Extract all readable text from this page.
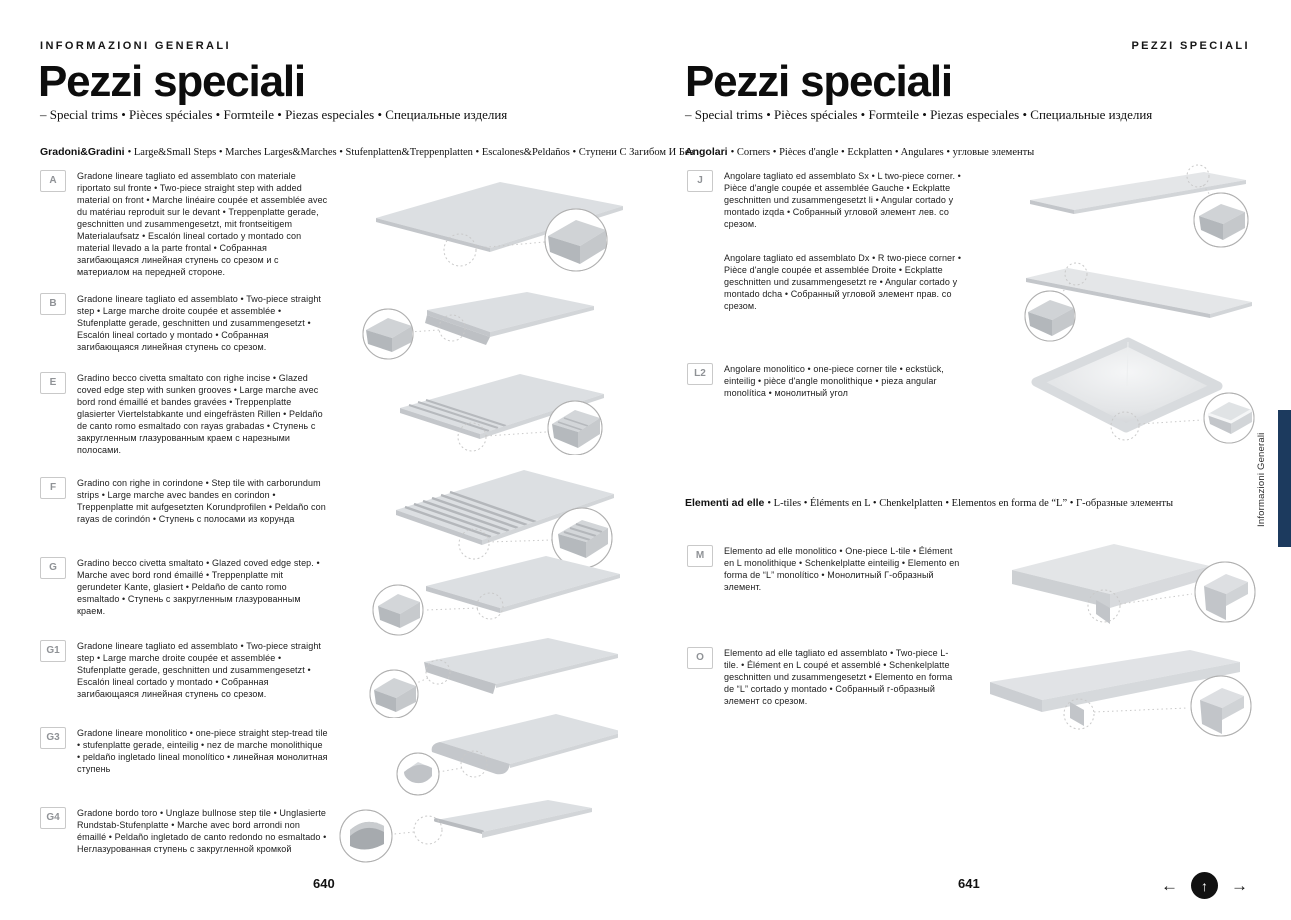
INFORMAZIONI GENERALI
Pezzi speciali
– Special trims • Pièces spéciales • Formteile • Piezas especiales • Специальные изделия
Gradoni&Gradini • Large&Small Steps • Marches Larges&Marches • Stufenplatten&Treppenplatten • Escalones&Peldaños • Ступени С Загибом И Без
A	Gradone lineare tagliato ed assemblato con materiale riportato sul fronte • Two-piece straight step with added material on front • Marche linéaire coupée et assemblée avec du matériau reproduit sur le devant • Treppenplatte gerade, geschnitten und zusammengesetzt, mit frontseitigem Materialaufsatz • Escalón lineal cortado y montado con material llevado a la parte frontal • Собранная загибающаяся линейная ступень со срезом и с материалом на передней стороне.

B	Gradone lineare tagliato ed assemblato • Two-piece straight step • Large marche droite coupée et assemblée • Stufenplatte gerade, geschnitten und zusammengesetzt • Escalón lineal cortado y montado • Собранная загибающаяся линейная ступень со срезом.

E	Gradino becco civetta smaltato con righe incise • Glazed coved edge step with sunken grooves • Large marche avec bord rond émaillé et bandes gravées • Treppenplatte glasierter Viertelstabkante und eingefrästen Rillen • Peldaño de canto romo esmaltado con rayas grabadas • Ступень с закругленным глазурованным краем с нарезными полосами.

F	Gradino con righe in corindone • Step tile with carborundum strips • Large marche avec bandes en corindon • Treppenplatte mit aufgesetzten Korundprofilen • Peldaño con rayas de corindón • Ступень с полосами из корунда

G	Gradino becco civetta smaltato • Glazed coved edge step. • Marche avec bord rond émaillé • Treppenplatte mit gerundeter Kante, glasiert • Peldaño de canto romo esmaltado • Ступень с закругленным глазурованным краем.

G1	Gradone lineare tagliato ed assemblato • Two-piece straight step • Large marche droite coupée et assemblée • Stufenplatte gerade, geschnitten und zusammengesetzt • Escalón lineal cortado y montado • Собранная загибающаяся линейная ступень со срезом.

G3	Gradone lineare monolitico • one-piece straight step-tread tile • stufenplatte gerade, einteilig • nez de marche monolithique • peldaño ingletado lineal monolítico • линейная монолитная ступень

G4	Gradone bordo toro • Unglaze bullnose step tile • Unglasierte Rundstab-Stufenplatte • Marche avec bord arrondi non émaillé • Peldaño ingletado de canto redondo no esmaltado • Неглазурованная ступень с закругленной кромкой

PEZZI SPECIALI
Pezzi speciali
– Special trims • Pièces spéciales • Formteile • Piezas especiales • Специальные изделия
Angolari • Corners • Pièces d'angle • Eckplatten • Angulares • угловые элементы
J	Angolare tagliato ed assemblato Sx • L two-piece corner. • Pièce d'angle coupée et assemblée Gauche • Eckplatte geschnitten und zusammengesetzt li • Angular cortado y montado izqda • Собранный угловой элемент лев. со срезом.

Angolare tagliato ed assemblato Dx • R two-piece corner • Pièce d'angle coupée et assemblée Droite • Eckplatte geschnitten und zusammengesetzt re • Angular cortado y montado dcha • Собранный угловой элемент прав. со срезом.

L2	Angolare monolitico • one-piece corner tile • eckstück, einteilig • pièce d'angle monolithique • pieza angular monolítica • монолитный угол

Elementi ad elle • L-tiles • Éléments en L • Chenkelplatten • Elementos en forma de “L” • Г-образные элементы
M	Elemento ad elle monolitico • One-piece L-tile • Élément en L monolithique • Schenkelplatte einteilig • Elemento en forma de “L” monolítico • Монолитный Г-образный элемент.

O	Elemento ad elle tagliato ed assemblato • Two-piece L-tile. • Élément en L coupé et assemblé • Schenkelplatte geschnitten und zusammengesetzt • Elemento en forma de “L” cortado y montado • Собранный г-образный элемент со срезом.

640	641	← ↑ →
Informazioni Generali
